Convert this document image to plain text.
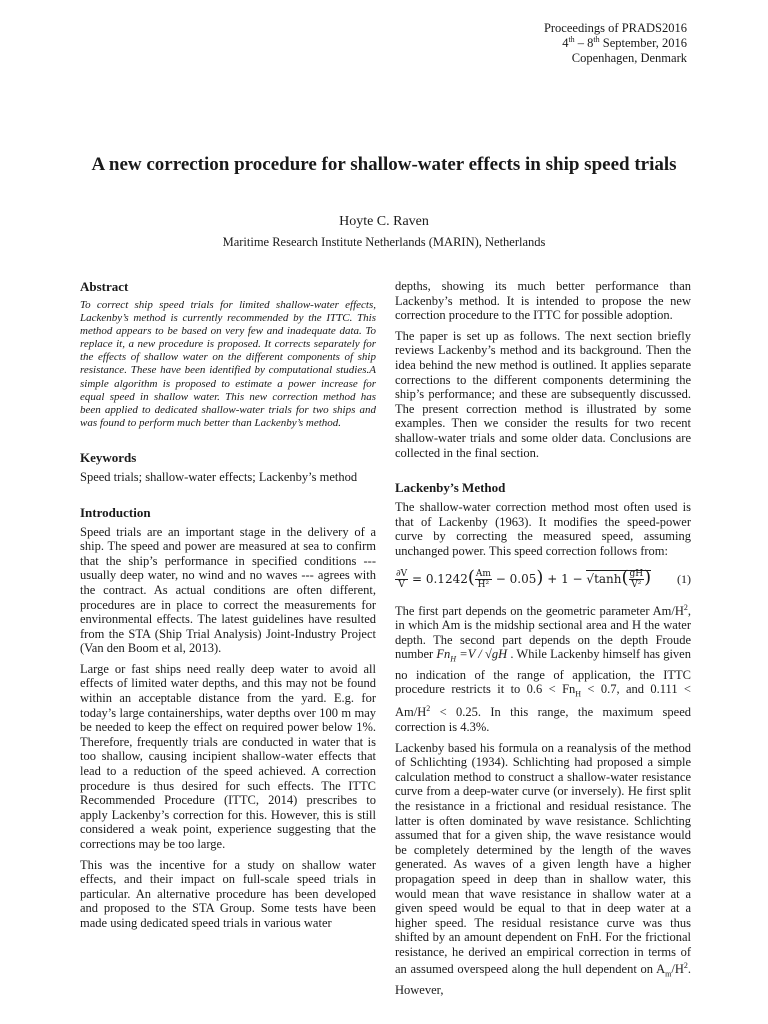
Proceedings of PRADS2016
4th – 8th September, 2016
Copenhagen, Denmark
A new correction procedure for shallow-water effects in ship speed trials
Hoyte C. Raven
Maritime Research Institute Netherlands (MARIN), Netherlands
Abstract

To correct ship speed trials for limited shallow-water effects, Lackenby’s method is currently recommended by the ITTC. This method appears to be based on very few and inadequate data. To replace it, a new procedure is proposed. It corrects separately for the effects of shallow water on the different components of ship resistance. These have been identified by computational studies.A simple algorithm is proposed to estimate a power increase for equal speed in shallow water. This new correction method has been applied to dedicated shallow-water trials for two ships and was found to perform much better than Lackenby’s method.

Keywords

Speed trials; shallow-water effects; Lackenby’s method

Introduction

Speed trials are an important stage in the delivery of a ship. The speed and power are measured at sea to confirm that the ship’s performance in specified conditions --- usually deep water, no wind and no waves --- agrees with the contract. As actual conditions are often different, procedures are in place to correct the measurements for environmental effects. The latest guidelines have resulted from the STA (Ship Trial Analysis) Joint-Industry Project (Van den Boom et al, 2013).

Large or fast ships need really deep water to avoid all effects of limited water depths, and this may not be found within an acceptable distance from the yard. E.g. for today’s large containerships, water depths over 100 m may be needed to keep the effect on required power below 1%. Therefore, frequently trials are conducted in water that is too shallow, causing incipient shallow-water effects that lead to a reduction of the speed achieved. A correction procedure is thus desired for such effects. The ITTC Recommended Procedure (ITTC, 2014) prescribes to apply Lackenby’s correction for this. However, this is still considered a weak point, experience suggesting that the corrections may be too large.

This was the incentive for a study on shallow water effects, and their impact on full-scale speed trials in particular. An alternative procedure has been developed and proposed to the STA Group. Some tests have been made using dedicated speed trials in various water

depths, showing its much better performance than Lackenby’s method. It is intended to propose the new correction procedure to the ITTC for possible adoption.

The paper is set up as follows. The next section briefly reviews Lackenby’s method and its background. Then the idea behind the new method is outlined. It applies separate corrections to the different components determining the ship’s performance; and these are subsequently discussed. The present correction method is illustrated by some examples. Then we consider the results for two recent shallow-water trials and some older data. Conclusions are collected in the final section.

Lackenby’s Method

The shallow-water correction method most often used is that of Lackenby (1963). It modifies the speed-power curve by correcting the measured speed, assuming unchanged power. This speed correction follows from:

$\frac{\partial V}{V} = 0.1242( \frac{Am}{\text{H²}} - 0.05) + 1 - √\tanh( \frac{gH}{\text{V²}}$ ) (1)

The first part depends on the geometric parameter $Am/H^2$, in which Am is the midship sectional area and H the water depth. The second part depends on the depth Froude number $Fn_H =V / √gH$ . While Lackenby himself has given no indication of the range of application, the ITTC procedure restricts it to $0.6 < Fn_H < 0.7$, and $0.111 < Am/H^2 < 0.25$. In this range, the maximum speed correction is 4.3%.

Lackenby based his formula on a reanalysis of the method of Schlichting (1934). Schlichting had proposed a simple calculation method to construct a shallow-water resistance curve from a deep-water curve (or inversely). He first split the resistance in a frictional and residual resistance. The latter is often dominated by wave resistance. Schlichting assumed that for a given ship, the wave resistance would be completely determined by the length of the waves generated. As waves of a given length have a higher propagation speed in deep than in shallow water, this would mean that wave resistance in shallow water at a given speed would be equal to that in deep water at a higher speed. The residual resistance curve was thus shifted by an amount dependent on FnH. For the frictional resistance, he derived an empirical correction in terms of an assumed overspeed along the hull dependent on $A_m/H^2$. However,
